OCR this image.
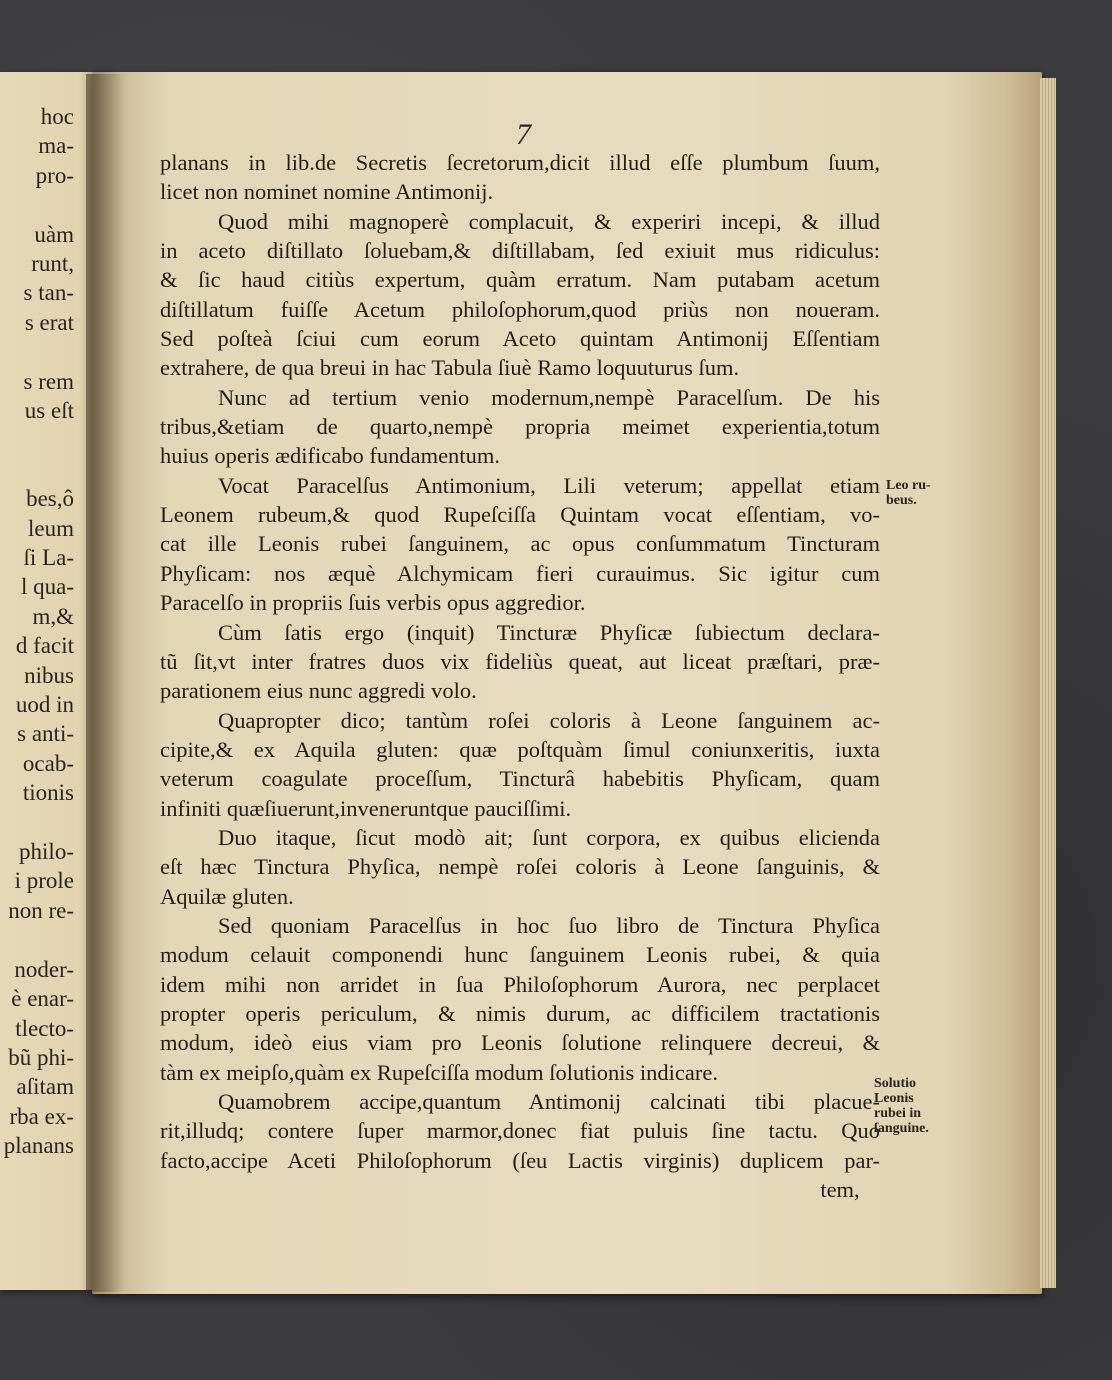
hoc
ma-
pro-
uàm
runt,
s tan-
s erat
s rem
us eſt
bes,ô
leum
ſi La-
l qua-
m,&
d facit
nibus
uod in
s anti-
ocab-
tionis
philo-
i prole
non re-
noder-
è enar-
tlecto-
bũ phi-
aſitam
rba ex-
planans
7
planans in lib.de Secretis ſecretorum,dicit illud eſſe plumbum ſuum,
licet non nominet nomine Antimonij.
Quod mihi magnoperè complacuit, & experiri incepi, & illud
in aceto diſtillato ſoluebam,& diſtillabam, ſed exiuit mus ridiculus:
& ſic haud citiùs expertum, quàm erratum. Nam putabam acetum
diſtillatum fuiſſe Acetum philoſophorum,quod priùs non noueram.
Sed poſteà ſciui cum eorum Aceto quintam Antimonij Eſſentiam
extrahere, de qua breui in hac Tabula ſiuè Ramo loquuturus ſum.
Nunc ad tertium venio modernum,nempè Paracelſum. De his
tribus,&etiam de quarto,nempè propria meimet experientia,totum
huius operis ædificabo fundamentum.
Vocat Paracelſus Antimonium, Lili veterum; appellat etiam
Leonem rubeum,& quod Rupeſciſſa Quintam vocat eſſentiam, vo-
cat ille Leonis rubei ſanguinem, ac opus conſummatum Tincturam
Phyſicam: nos æquè Alchymicam fieri curauimus. Sic igitur cum
Paracelſo in propriis ſuis verbis opus aggredior.
Cùm ſatis ergo (inquit) Tincturæ Phyſicæ ſubiectum declara-
tũ ſit,vt inter fratres duos vix fideliùs queat, aut liceat præſtari, præ-
parationem eius nunc aggredi volo.
Quapropter dico; tantùm roſei coloris à Leone ſanguinem ac-
cipite,& ex Aquila gluten: quæ poſtquàm ſimul coniunxeritis, iuxta
veterum coagulate proceſſum, Tincturâ habebitis Phyſicam, quam
infiniti quæſiuerunt,inveneruntque pauciſſimi.
Duo itaque, ſicut modò ait; ſunt corpora, ex quibus elicienda
eſt hæc Tinctura Phyſica, nempè roſei coloris à Leone ſanguinis, &
Aquilæ gluten.
Sed quoniam Paracelſus in hoc ſuo libro de Tinctura Phyſica
modum celauit componendi hunc ſanguinem Leonis rubei, & quia
idem mihi non arridet in ſua Philoſophorum Aurora, nec perplacet
propter operis periculum, & nimis durum, ac difficilem tractationis
modum, ideò eius viam pro Leonis ſolutione relinquere decreui, &
tàm ex meipſo,quàm ex Rupeſciſſa modum ſolutionis indicare.
Quamobrem accipe,quantum Antimonij calcinati tibi placue-
rit,illudq; contere ſuper marmor,donec fiat puluis ſine tactu. Quo
facto,accipe Aceti Philoſophorum (ſeu Lactis virginis) duplicem par-
tem,
Leo ru-
beus.
Solutio
Leonis
rubei in
ſanguine.
